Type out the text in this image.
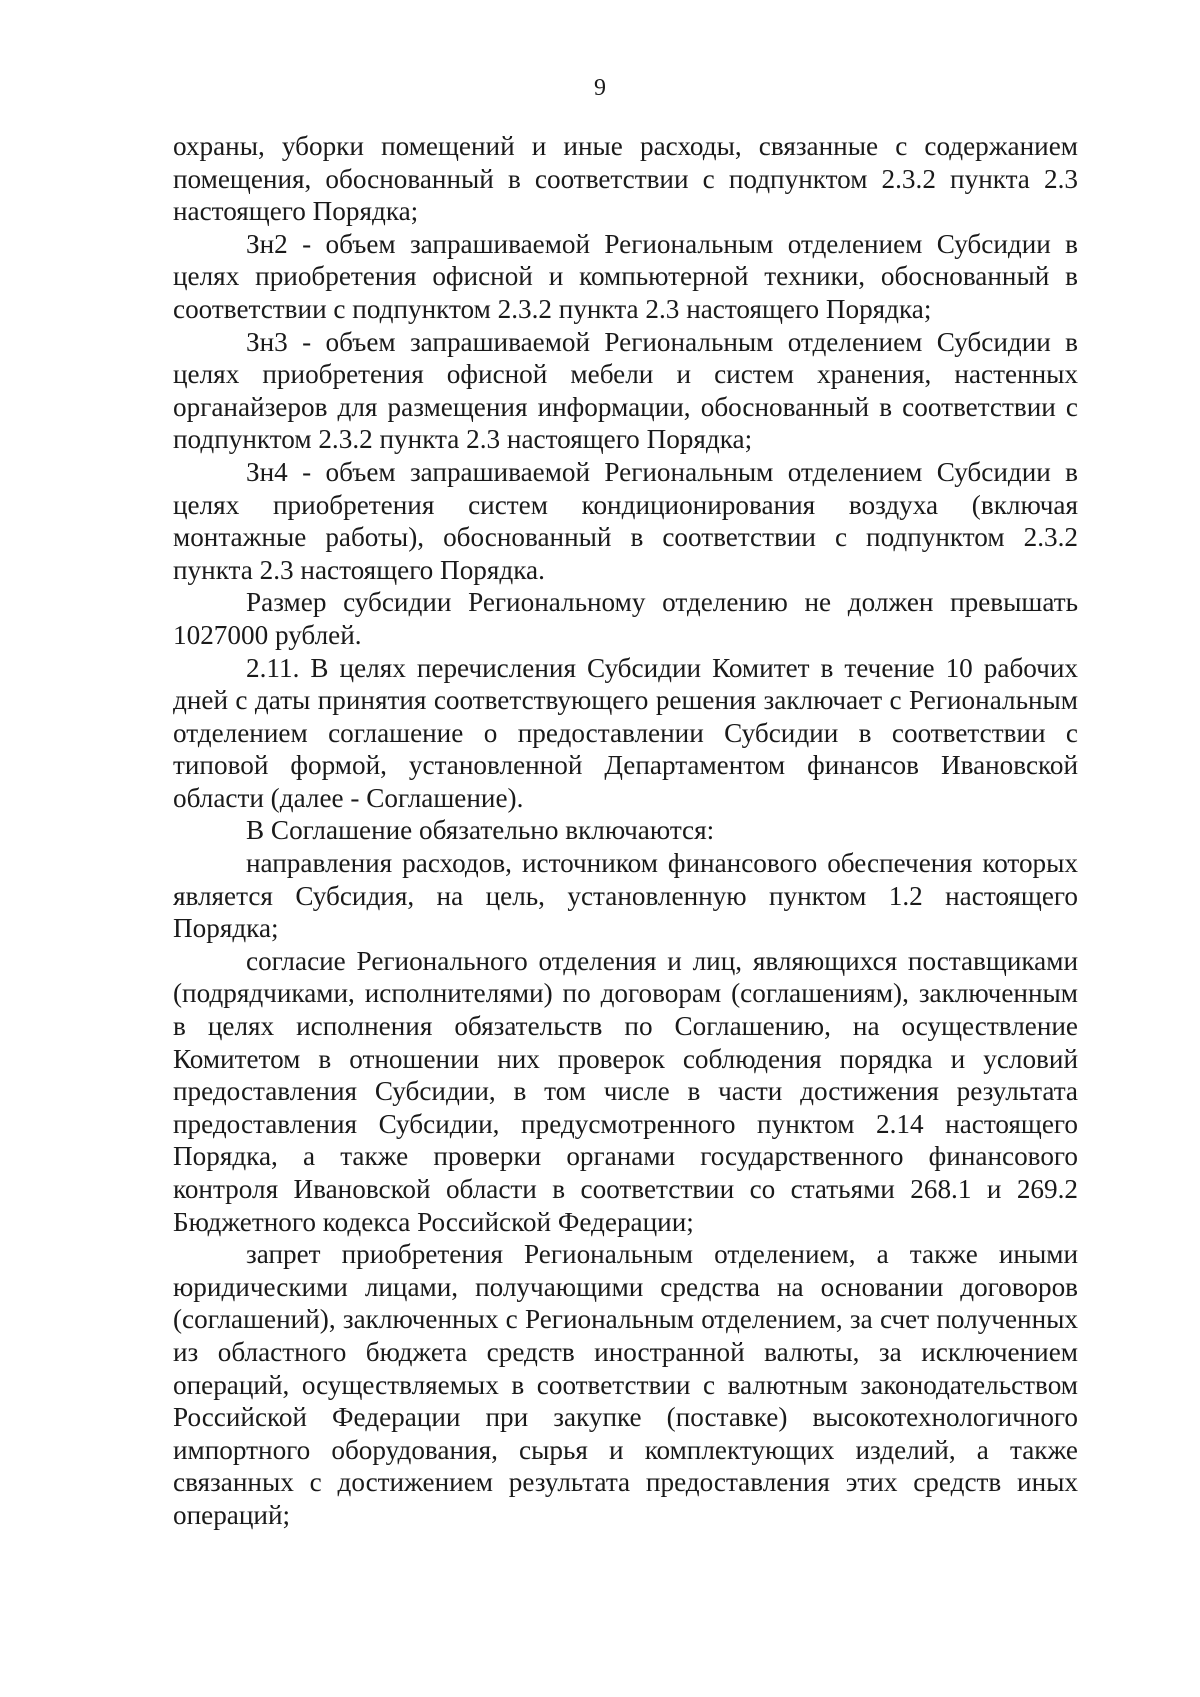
9

охраны, уборки помещений и иные расходы, связанные с содержанием помещения, обоснованный в соответствии с подпунктом 2.3.2 пункта 2.3 настоящего Порядка;

Зн2 - объем запрашиваемой Региональным отделением Субсидии в целях приобретения офисной и компьютерной техники, обоснованный в соответствии с подпунктом 2.3.2 пункта 2.3 настоящего Порядка;

Зн3 - объем запрашиваемой Региональным отделением Субсидии в целях приобретения офисной мебели и систем хранения, настенных органайзеров для размещения информации, обоснованный в соответствии с подпунктом 2.3.2 пункта 2.3 настоящего Порядка;

Зн4 - объем запрашиваемой Региональным отделением Субсидии в целях приобретения систем кондиционирования воздуха (включая монтажные работы), обоснованный в соответствии с подпунктом 2.3.2 пункта 2.3 настоящего Порядка.

Размер субсидии Региональному отделению не должен превышать 1027000 рублей.

2.11. В целях перечисления Субсидии Комитет в течение 10 рабочих дней с даты принятия соответствующего решения заключает с Региональным отделением соглашение о предоставлении Субсидии в соответствии с типовой формой, установленной Департаментом финансов Ивановской области (далее - Соглашение).

В Соглашение обязательно включаются:

направления расходов, источником финансового обеспечения которых является Субсидия, на цель, установленную пунктом 1.2 настоящего Порядка;

согласие Регионального отделения и лиц, являющихся поставщиками (подрядчиками, исполнителями) по договорам (соглашениям), заключенным в целях исполнения обязательств по Соглашению, на осуществление Комитетом в отношении них проверок соблюдения порядка и условий предоставления Субсидии, в том числе в части достижения результата предоставления Субсидии, предусмотренного пунктом 2.14 настоящего Порядка, а также проверки органами государственного финансового контроля Ивановской области в соответствии со статьями 268.1 и 269.2 Бюджетного кодекса Российской Федерации;

запрет приобретения Региональным отделением, а также иными юридическими лицами, получающими средства на основании договоров (соглашений), заключенных с Региональным отделением, за счет полученных из областного бюджета средств иностранной валюты, за исключением операций, осуществляемых в соответствии с валютным законодательством Российской Федерации при закупке (поставке) высокотехнологичного импортного оборудования, сырья и комплектующих изделий, а также связанных с достижением результата предоставления этих средств иных операций;
